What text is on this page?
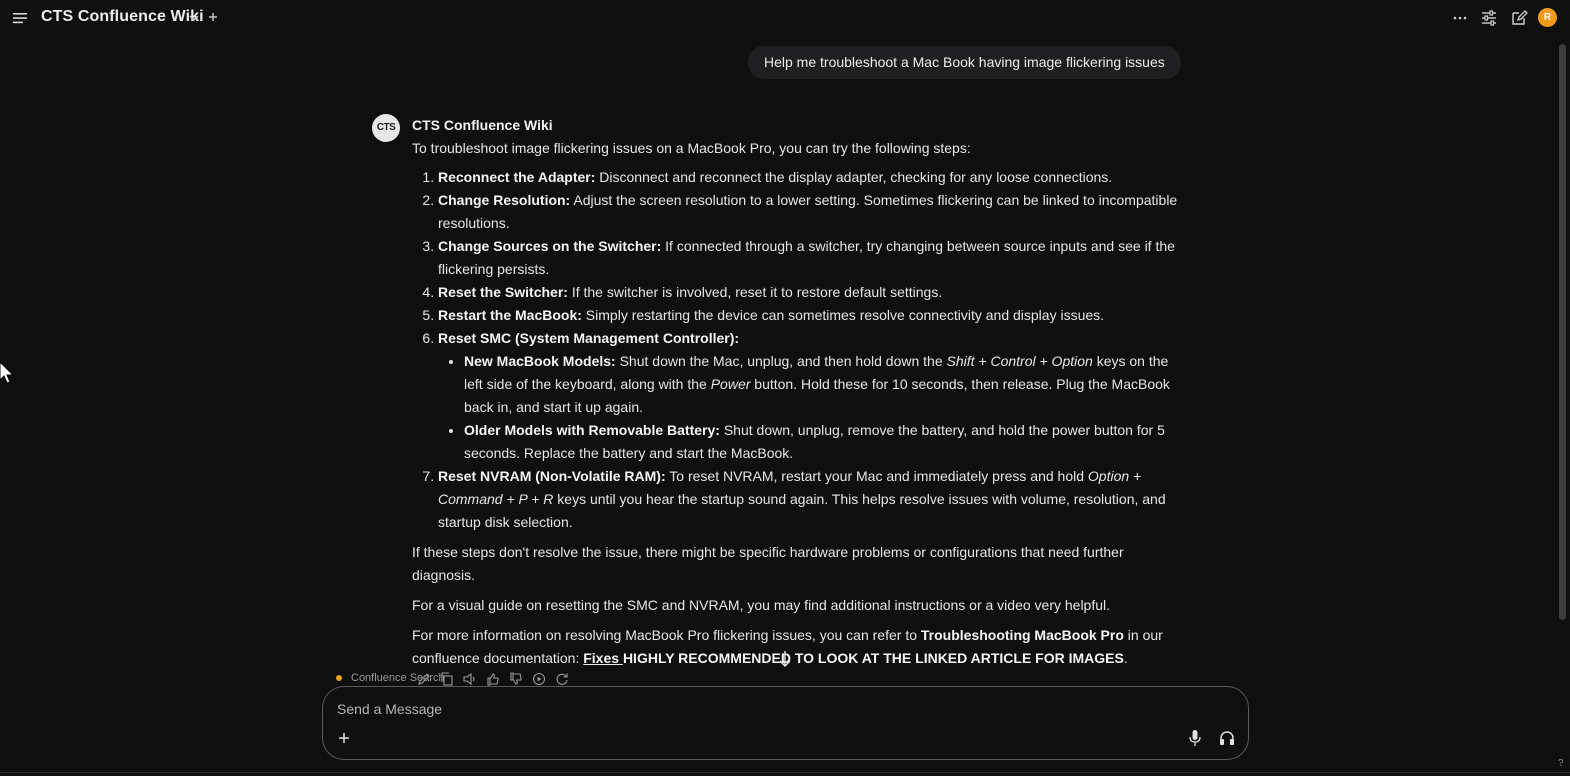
CTS Confluence Wiki	R
Help me troubleshoot a Mac Book having image flickering issues
CTS	CTS Confluence Wiki

To troubleshoot image flickering issues on a MacBook Pro, you can try the following steps:

1. Reconnect the Adapter: Disconnect and reconnect the display adapter, checking for any loose connections.
2. Change Resolution: Adjust the screen resolution to a lower setting. Sometimes flickering can be linked to incompatible resolutions.
3. Change Sources on the Switcher: If connected through a switcher, try changing between source inputs and see if the flickering persists.
4. Reset the Switcher: If the switcher is involved, reset it to restore default settings.
5. Restart the MacBook: Simply restarting the device can sometimes resolve connectivity and display issues.
6. Reset SMC (System Management Controller):
• New MacBook Models: Shut down the Mac, unplug, and then hold down the Shift + Control + Option keys on the left side of the keyboard, along with the Power button. Hold these for 10 seconds, then release. Plug the MacBook back in, and start it up again.
• Older Models with Removable Battery: Shut down, unplug, remove the battery, and hold the power button for 5 seconds. Replace the battery and start the MacBook.
7. Reset NVRAM (Non-Volatile RAM): To reset NVRAM, restart your Mac and immediately press and hold Option + Command + P + R keys until you hear the startup sound again. This helps resolve issues with volume, resolution, and startup disk selection.

If these steps don't resolve the issue, there might be specific hardware problems or configurations that need further diagnosis.

For a visual guide on resetting the SMC and NVRAM, you may find additional instructions or a video very helpful.

For more information on resolving MacBook Pro flickering issues, you can refer to Troubleshooting MacBook Pro in our confluence documentation: Fixes HIGHLY RECOMMENDED TO LOOK AT THE LINKED ARTICLE FOR IMAGES.

Confluence Search
Send a Message
?
